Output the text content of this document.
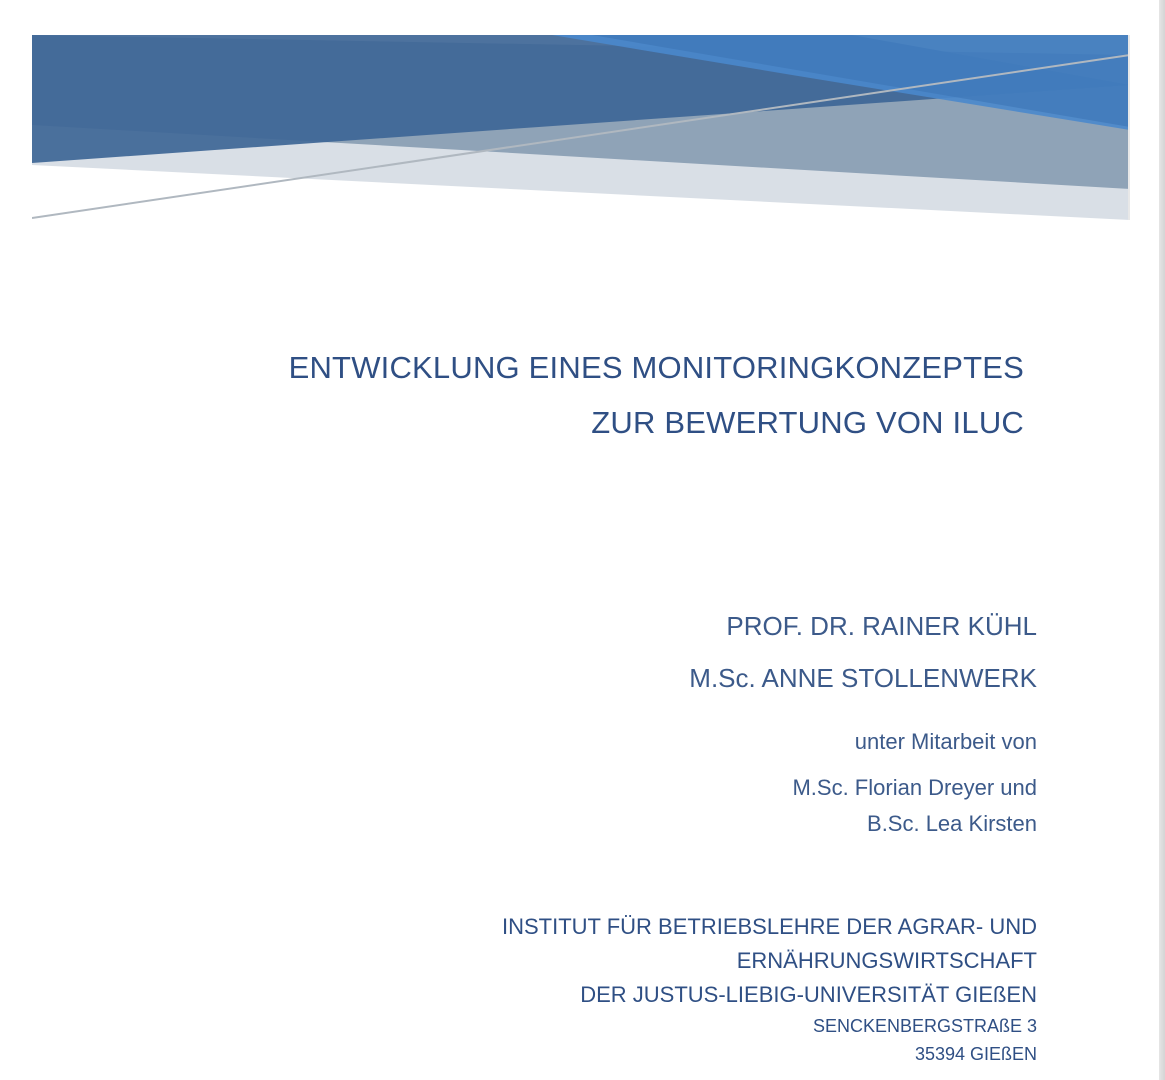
ENTWICKLUNG EINES MONITORINGKONZEPTES
ZUR BEWERTUNG VON ILUC
PROF. DR. RAINER KÜHL
M.Sc. ANNE STOLLENWERK
unter Mitarbeit von
M.Sc. Florian Dreyer und
B.Sc. Lea Kirsten
INSTITUT FÜR BETRIEBSLEHRE DER AGRAR- UND
ERNÄHRUNGSWIRTSCHAFT
DER JUSTUS-LIEBIG-UNIVERSITÄT GIEßEN
SENCKENBERGSTRAßE 3
35394 GIEßEN
